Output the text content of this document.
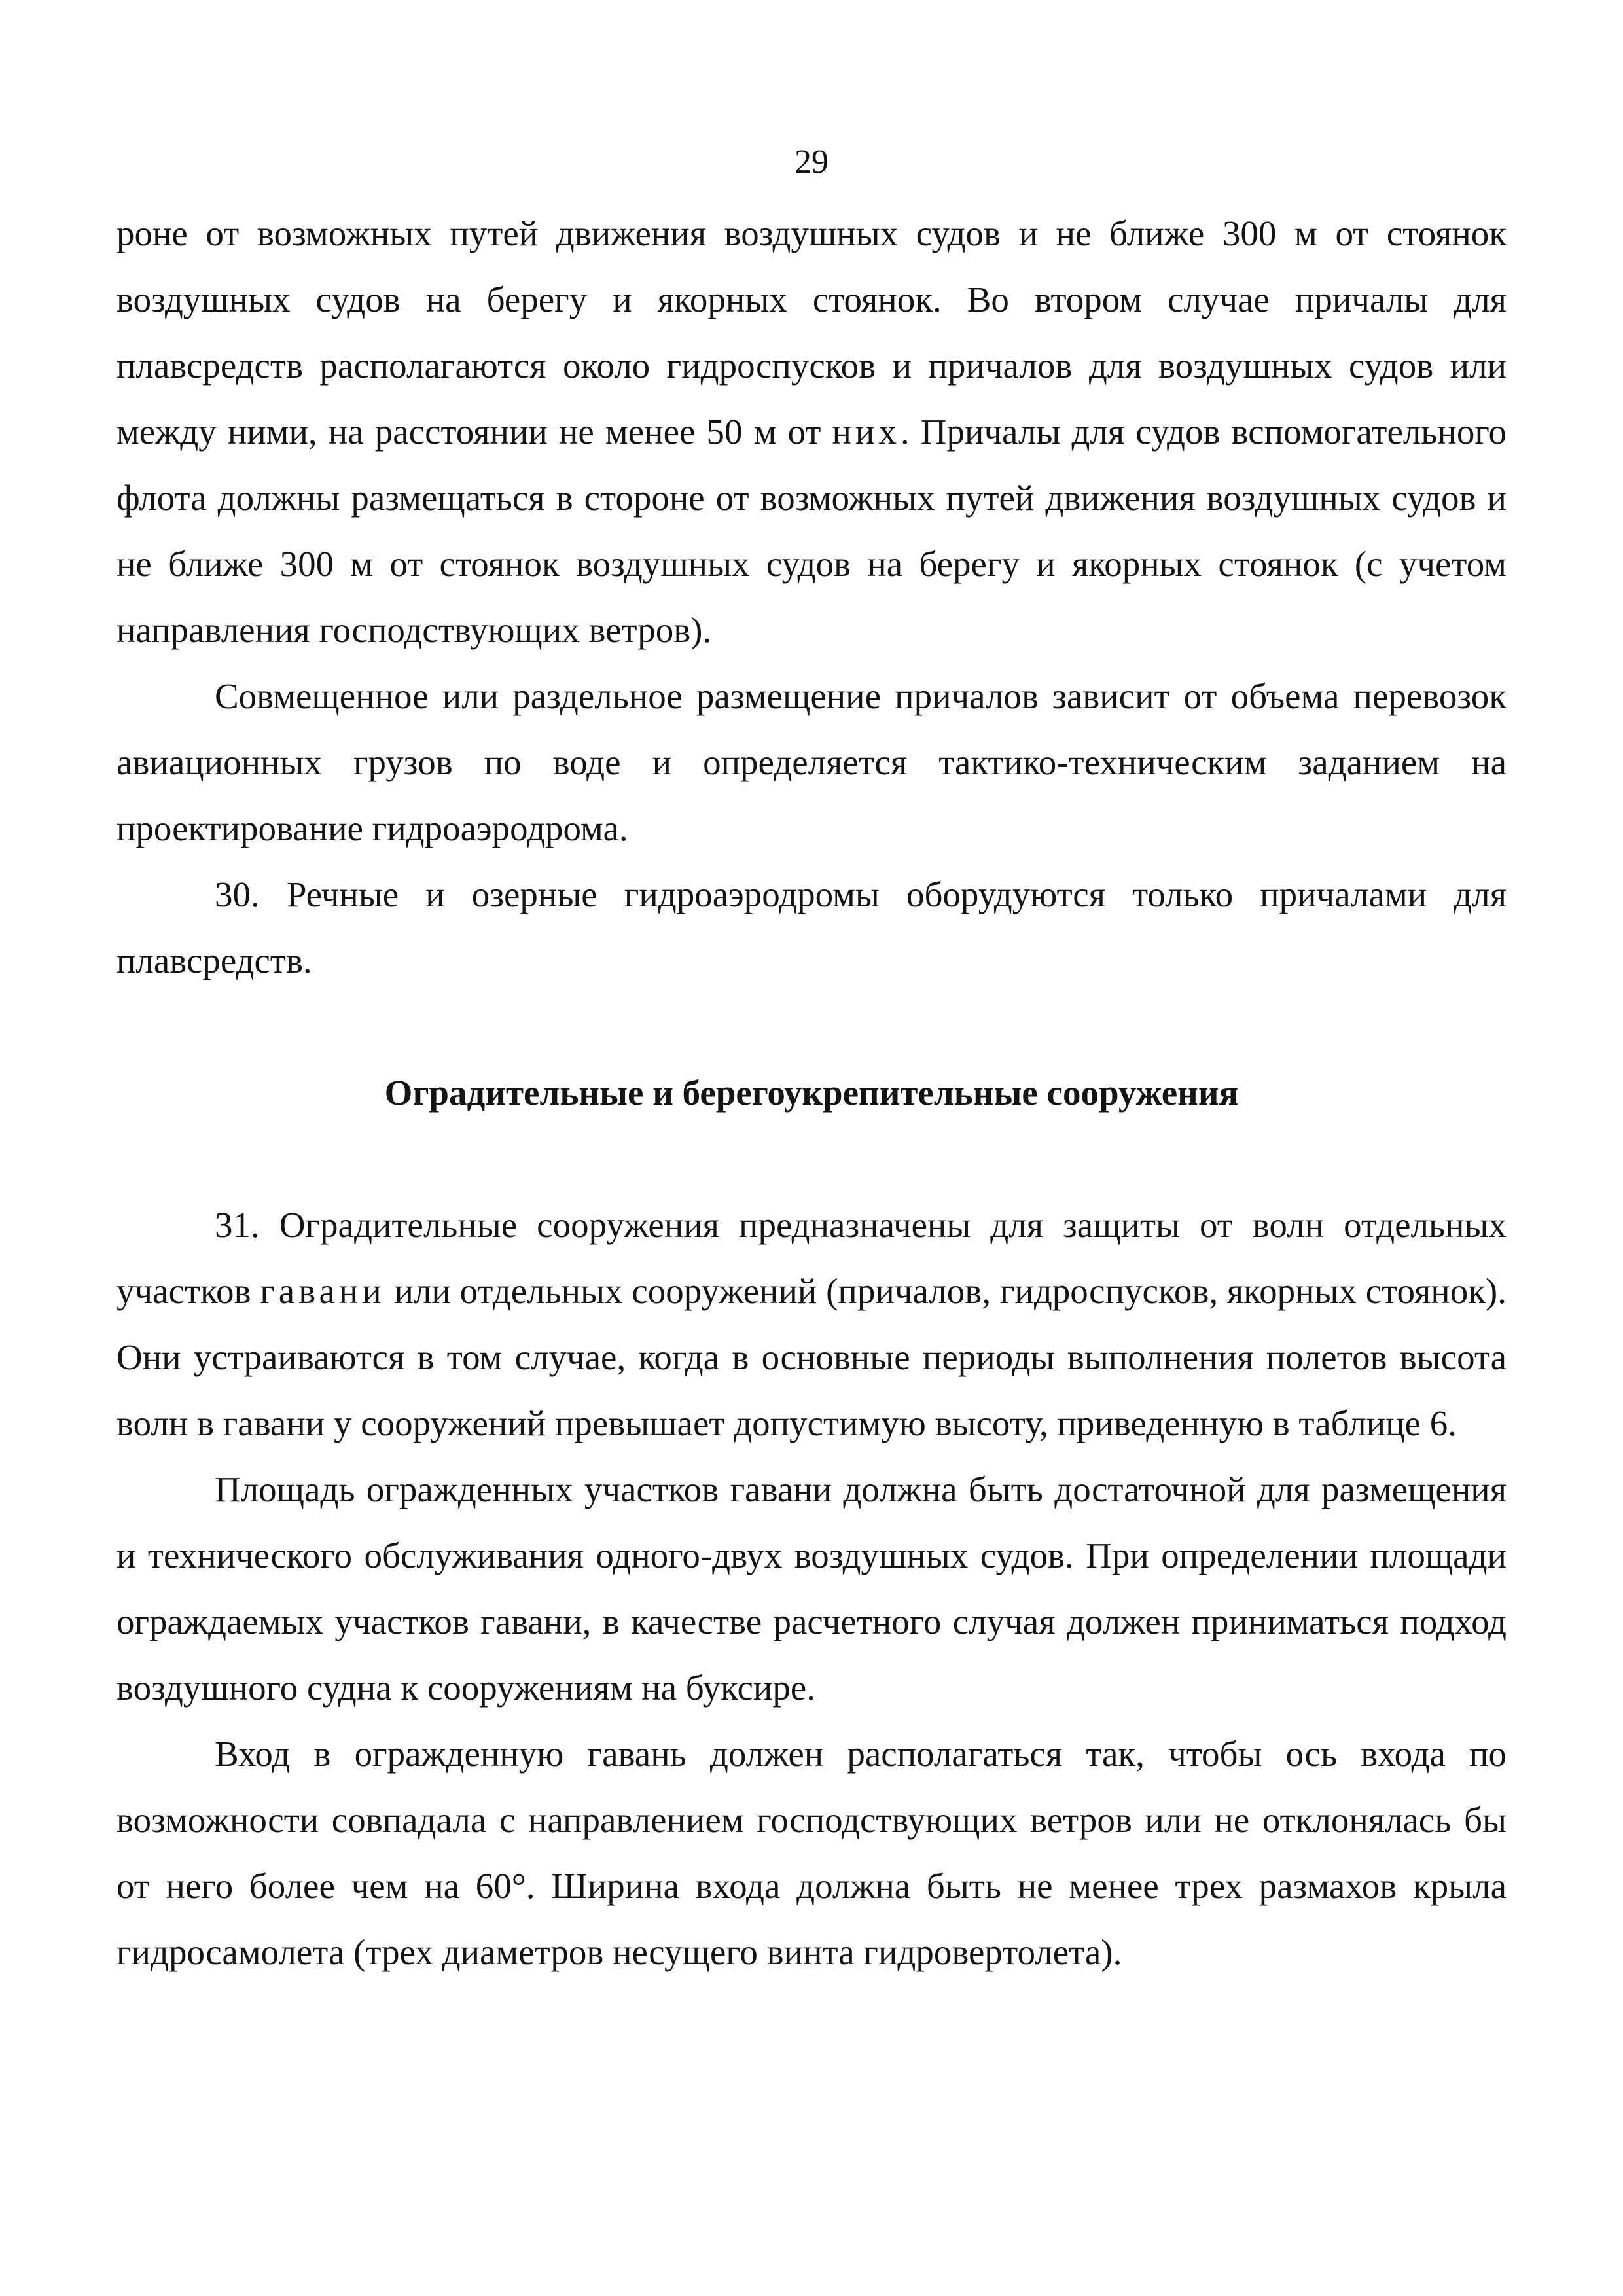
29

роне от возможных путей движения воздушных судов и не ближе 300 м от стоянок воздушных судов на берегу и якорных стоянок. Во втором случае причалы для плавсредств располагаются около гидроспусков и причалов для воздушных судов или между ними, на расстоянии не менее 50 м от них. Причалы для судов вспомогательного флота должны размещаться в стороне от возможных путей движения воздушных судов и не ближе 300 м от стоянок воздушных судов на берегу и якорных стоянок (с учетом направления господствующих ветров).

Совмещенное или раздельное размещение причалов зависит от объема перевозок авиационных грузов по воде и определяется тактико-техническим заданием на проектирование гидроаэродрома.

30. Речные и озерные гидроаэродромы оборудуются только причалами для плавсредств.

Оградительные и берегоукрепительные сооружения

31. Оградительные сооружения предназначены для защиты от волн отдельных участков гавани или отдельных сооружений (причалов, гидроспусков, якорных стоянок). Они устраиваются в том случае, когда в основные периоды выполнения полетов высота волн в гавани у сооружений превышает допустимую высоту, приведенную в таблице 6.

Площадь огражденных участков гавани должна быть достаточной для размещения и технического обслуживания одного-двух воздушных судов. При определении площади ограждаемых участков гавани, в качестве расчетного случая должен приниматься подход воздушного судна к сооружениям на буксире.

Вход в огражденную гавань должен располагаться так, чтобы ось входа по возможности совпадала с направлением господствующих ветров или не отклонялась бы от него более чем на 60°. Ширина входа должна быть не менее трех размахов крыла гидросамолета (трех диаметров несущего винта гидровертолета).
